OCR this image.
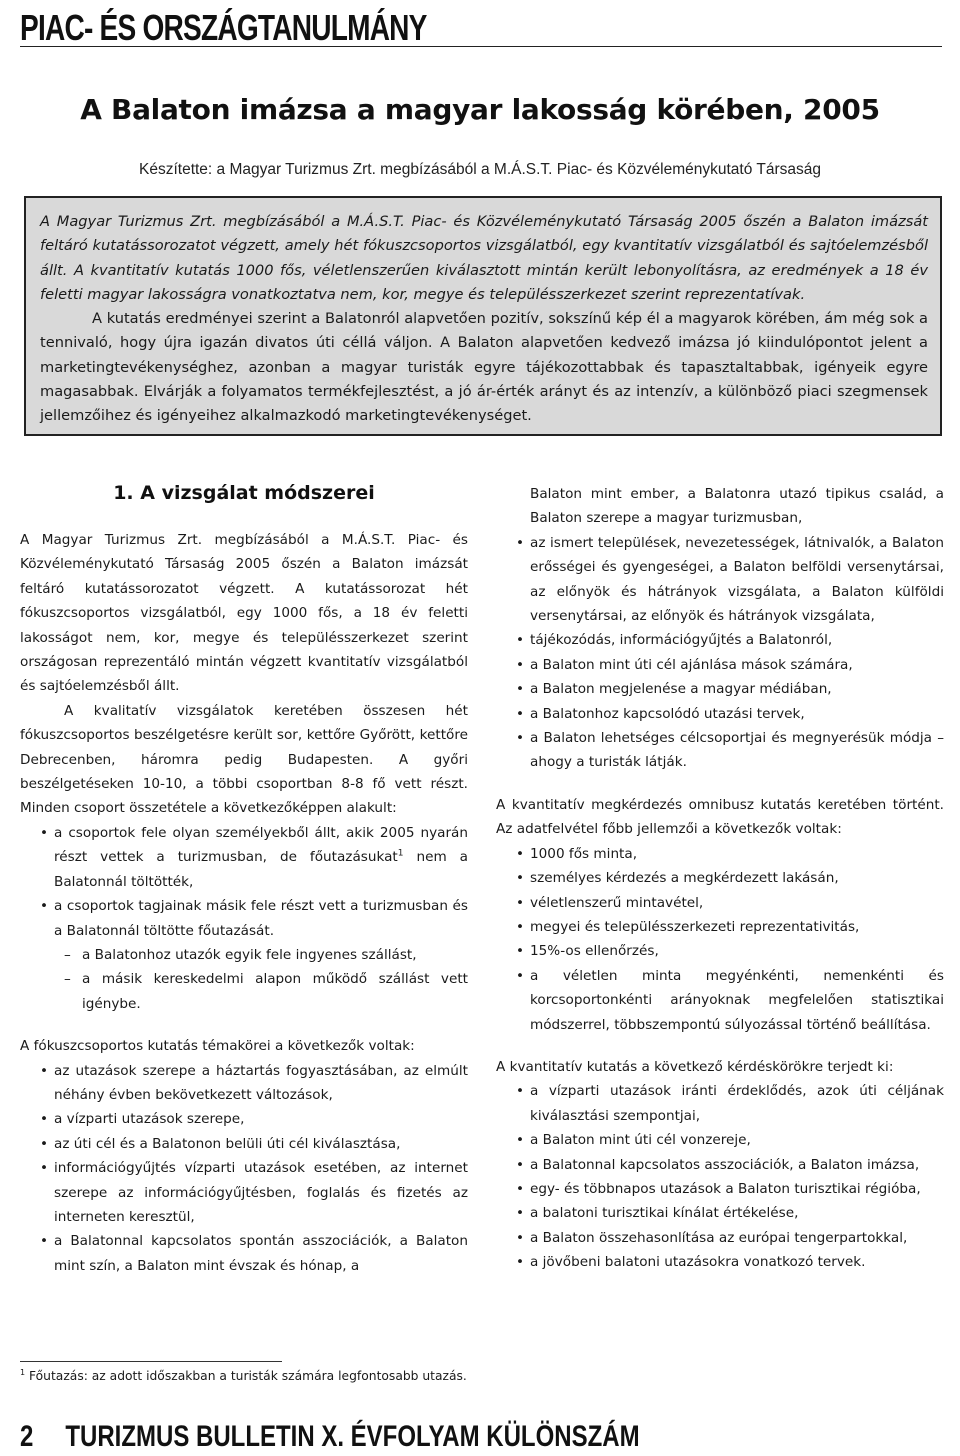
PIAC- ÉS ORSZÁGTANULMÁNY
A Balaton imázsa a magyar lakosság körében, 2005
Készítette: a Magyar Turizmus Zrt. megbízásából a M.Á.S.T. Piac- és Közvéleménykutató Társaság

A Magyar Turizmus Zrt. megbízásából a M.Á.S.T. Piac- és Közvéleménykutató Társaság 2005 őszén a Balaton imázsát feltáró kutatássorozatot végzett, amely hét fókuszcsoportos vizsgálatból, egy kvantitatív vizsgálatból és sajtóelemzésből állt. A kvantitatív kutatás 1000 fős, véletlenszerűen kiválasztott mintán került lebonyolításra, az eredmények a 18 év feletti magyar lakosságra vonatkoztatva nem, kor, megye és településszerkezet szerint reprezentatívak.

A kutatás eredményei szerint a Balatonról alapvetően pozitív, sokszínű kép él a magyarok körében, ám még sok a tennivaló, hogy újra igazán divatos úti céllá váljon. A Balaton alapvetően kedvező imázsa jó kiindulópontot jelent a marketingtevékenységhez, azonban a magyar turisták egyre tájékozottabbak és tapasztaltabbak, igényeik egyre magasabbak. Elvárják a folyamatos termékfejlesztést, a jó ár-érték arányt és az intenzív, a különböző piaci szegmensek jellemzőihez és igényeihez alkalmazkodó marketingtevékenységet.

1. A vizsgálat módszerei

A Magyar Turizmus Zrt. megbízásából a M.Á.S.T. Piac- és Közvéleménykutató Társaság 2005 őszén a Balaton imázsát feltáró kutatássorozatot végzett. A kutatássorozat hét fókuszcsoportos vizsgálatból, egy 1000 fős, a 18 év feletti lakosságot nem, kor, megye és településszerkezet szerint országosan reprezentáló mintán végzett kvantitatív vizsgálatból és sajtóelemzésből állt.

A kvalitatív vizsgálatok keretében összesen hét fókuszcsoportos beszélgetésre került sor, kettőre Győrött, kettőre Debrecenben, háromra pedig Budapesten. A győri beszélgetéseken 10-10, a többi csoportban 8-8 fő vett részt. Minden csoport összetétele a következőképpen alakult:

• a csoportok fele olyan személyekből állt, akik 2005 nyarán részt vettek a turizmusban, de főutazásukat$^1$ nem a Balatonnál töltötték,
• a csoportok tagjainak másik fele részt vett a turizmusban és a Balatonnál töltötte főutazását.
– a Balatonhoz utazók egyik fele ingyenes szállást,
– a másik kereskedelmi alapon működő szállást vett igénybe.

A fókuszcsoportos kutatás témakörei a következők voltak:

• az utazások szerepe a háztartás fogyasztásában, az elmúlt néhány évben bekövetkezett változások,
• a vízparti utazások szerepe,
• az úti cél és a Balatonon belüli úti cél kiválasztása,
• információgyűjtés vízparti utazások esetében, az internet szerepe az információgyűjtésben, foglalás és fizetés az interneten keresztül,
• a Balatonnal kapcsolatos spontán asszociációk, a Balaton mint szín, a Balaton mint évszak és hónap, a
$^1$ Főutazás: az adott időszakban a turisták számára legfontosabb utazás.

Balaton mint ember, a Balatonra utazó tipikus család, a Balaton szerepe a magyar turizmusban,

• az ismert települések, nevezetességek, látnivalók, a Balaton erősségei és gyengeségei, a Balaton belföldi versenytársai, az előnyök és hátrányok vizsgálata, a Balaton külföldi versenytársai, az előnyök és hátrányok vizsgálata,
• tájékozódás, információgyűjtés a Balatonról,
• a Balaton mint úti cél ajánlása mások számára,
• a Balaton megjelenése a magyar médiában,
• a Balatonhoz kapcsolódó utazási tervek,
• a Balaton lehetséges célcsoportjai és megnyerésük módja – ahogy a turisták látják.

A kvantitatív megkérdezés omnibusz kutatás keretében történt. Az adatfelvétel főbb jellemzői a következők voltak:

• 1000 fős minta,
• személyes kérdezés a megkérdezett lakásán,
• véletlenszerű mintavétel,
• megyei és településszerkezeti reprezentativitás,
• 15%-os ellenőrzés,
• a véletlen minta megyénkénti, nemenkénti és korcsoportonkénti arányoknak megfelelően statisztikai módszerrel, többszempontú súlyozással történő beállítása.

A kvantitatív kutatás a következő kérdéskörökre terjedt ki:

• a vízparti utazások iránti érdeklődés, azok úti céljának kiválasztási szempontjai,
• a Balaton mint úti cél vonzereje,
• a Balatonnal kapcsolatos asszociációk, a Balaton imázsa,
• egy- és többnapos utazások a Balaton turisztikai régióba,
• a balatoni turisztikai kínálat értékelése,
• a Balaton összehasonlítása az európai tengerpartokkal,
• a jövőbeni balatoni utazásokra vonatkozó tervek.
2 TURIZMUS BULLETIN X. ÉVFOLYAM KÜLÖNSZÁM
